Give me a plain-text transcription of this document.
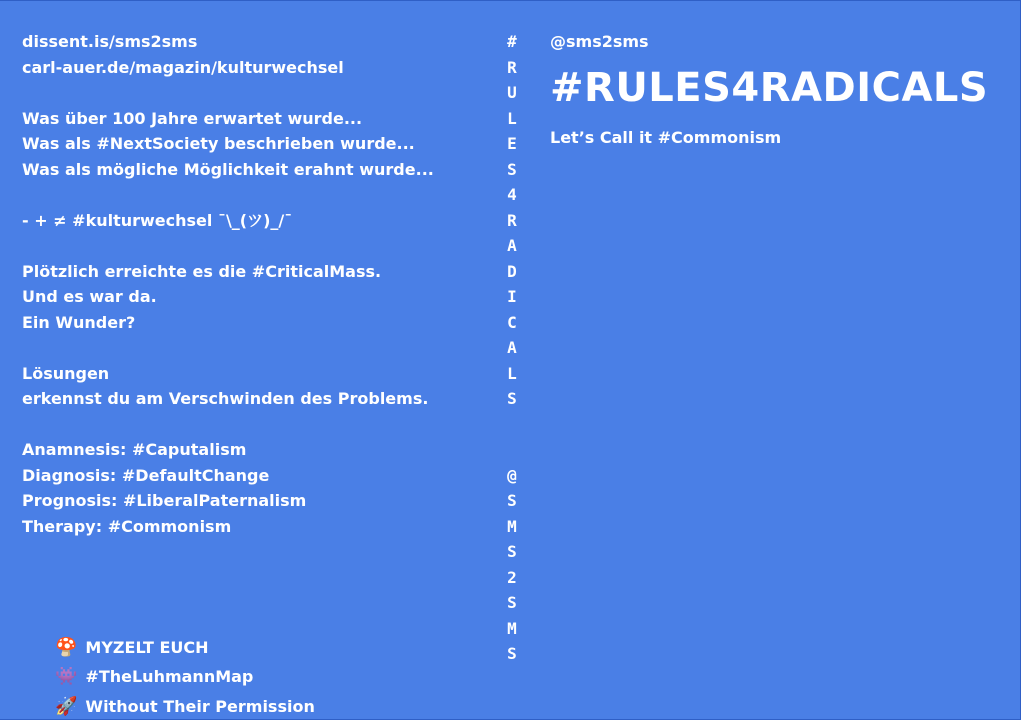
dissent.is/sms2sms
carl-auer.de/magazin/kulturwechsel
Was über 100 Jahre erwartet wurde...
Was als #NextSociety beschrieben wurde...
Was als mögliche Möglichkeit erahnt wurde...
- + ≠ #kulturwechsel ¯\_(ツ)_/¯
Plötzlich erreichte es die #CriticalMass.
Und es war da.
Ein Wunder?
Lösungen
erkennst du am Verschwinden des Problems.
Anamnesis: #Caputalism
Diagnosis: #DefaultChange
Prognosis: #LiberalPaternalism
Therapy: #Commonism

🍄 MYZELT EUCH

👾 #TheLuhmannMap

🚀 Without Their Permission

#
R
U
L
E
S
4
R
A
D
I
C
A
L
S
@
S
M
S
2
S
M
S
@sms2sms
#RULES4RADICALS
Let’s Call it #Commonism
